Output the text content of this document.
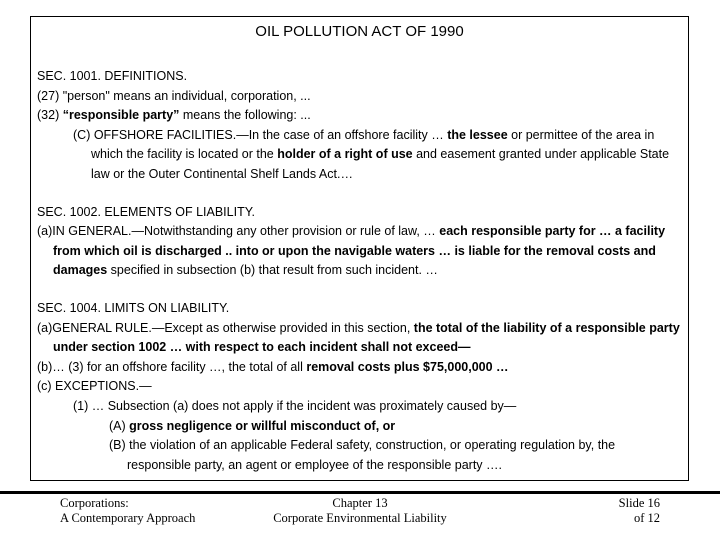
OIL POLLUTION ACT OF 1990

SEC. 1001. DEFINITIONS.

(27) "person" means an individual, corporation, ...

(32) “responsible party” means the following: ...

(C) OFFSHORE FACILITIES.—In the case of an offshore facility … the lessee or permittee of the area in which the facility is located or the holder of a right of use and easement granted under applicable State law or the Outer Continental Shelf Lands Act.…

SEC. 1002. ELEMENTS OF LIABILITY.

(a)IN GENERAL.—Notwithstanding any other provision or rule of law, … each responsible party for … a facility from which oil is discharged .. into or upon the navigable waters … is liable for the removal costs and damages specified in subsection (b) that result from such incident. …

SEC. 1004. LIMITS ON LIABILITY.

(a)GENERAL RULE.—Except as otherwise provided in this section, the total of the liability of a responsible party under section 1002 … with respect to each incident shall not exceed—

(b)… (3) for an offshore facility …, the total of all removal costs plus $75,000,000 …

(c) EXCEPTIONS.—

(1) … Subsection (a) does not apply if the incident was proximately caused by—

(A) gross negligence or willful misconduct of, or

(B) the violation of an applicable Federal safety, construction, or operating regulation by, the responsible party, an agent or employee of the responsible party ….

Corporations:
A Contemporary Approach
Chapter 13
Corporate Environmental Liability
Slide 16
of 12
